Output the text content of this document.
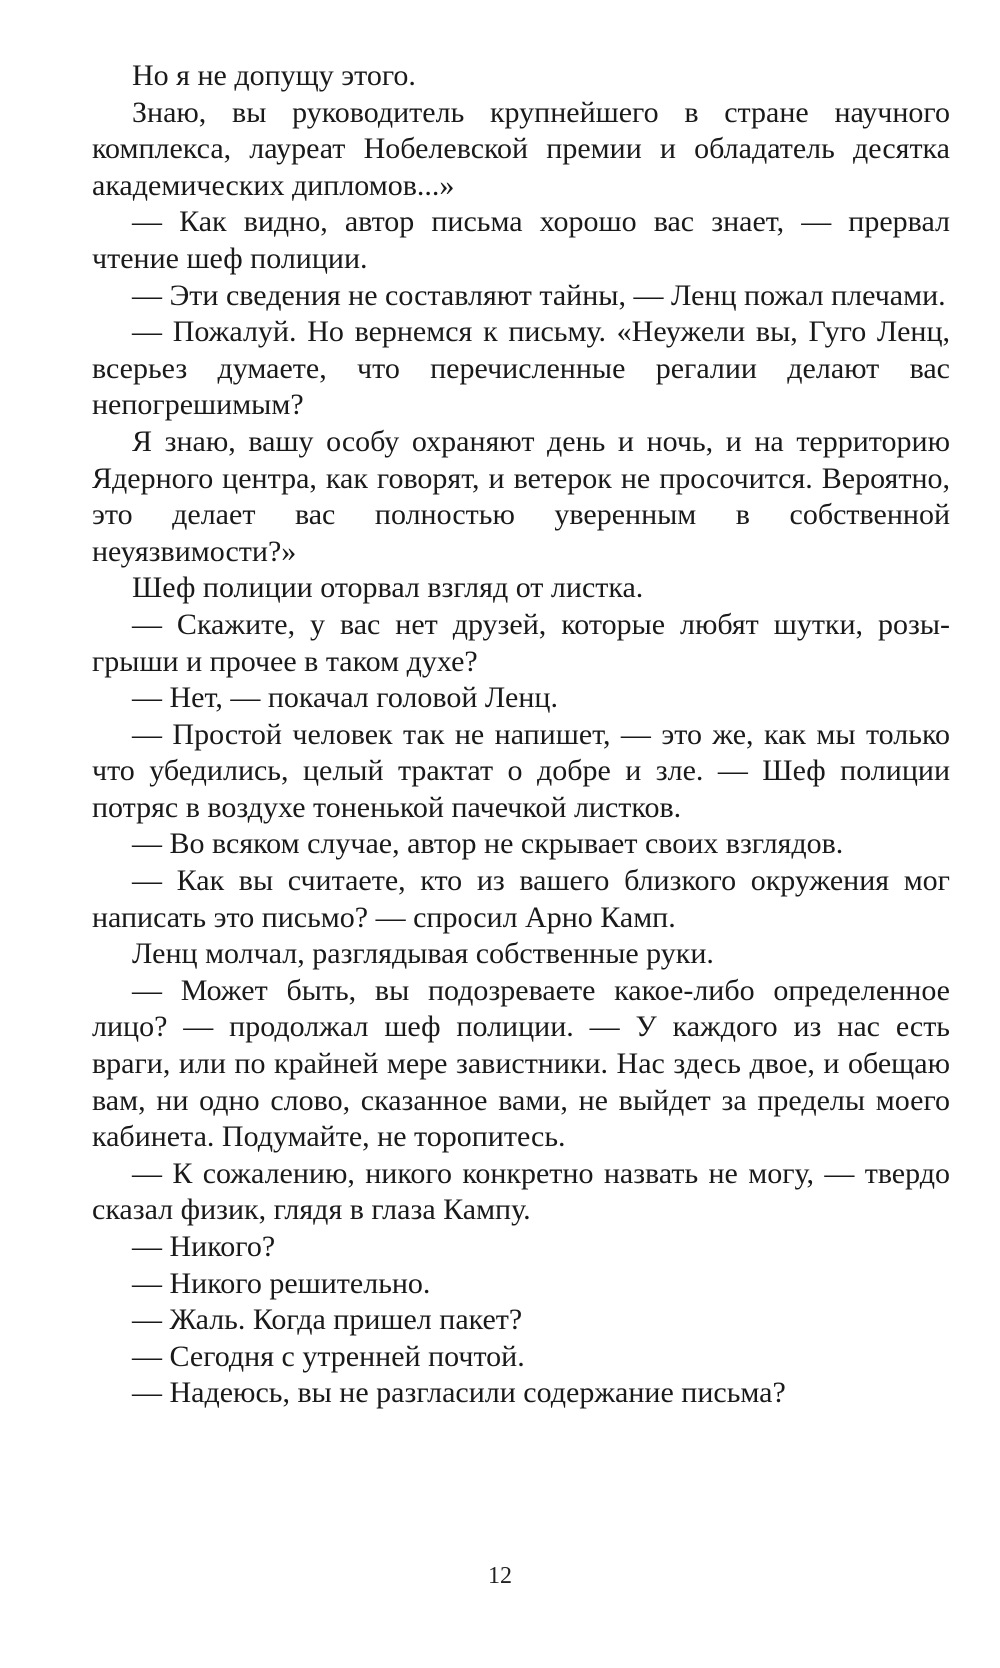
Но я не допущу этого.

Знаю, вы руководитель крупнейшего в стране научного комплекса, лауреат Нобелевской премии и обладатель десятка академических дипломов...»

— Как видно, автор письма хорошо вас знает, — прервал чтение шеф полиции.

— Эти сведения не составляют тайны, — Ленц пожал плечами.

— Пожалуй. Но вернемся к письму. «Неужели вы, Гуго Ленц, всерьез думаете, что перечисленные регалии делают вас непогрешимым?

Я знаю, вашу особу охраняют день и ночь, и на территорию Ядерного центра, как говорят, и ветерок не просочится. Вероятно, это делает вас полностью уверенным в собственной неуязвимости?»

Шеф полиции оторвал взгляд от листка.

— Скажите, у вас нет друзей, которые любят шутки, розыгрыши и прочее в таком духе?

— Нет, — покачал головой Ленц.

— Простой человек так не напишет, — это же, как мы только что убедились, целый трактат о добре и зле. — Шеф полиции потряс в воздухе тоненькой пачечкой листков.

— Во всяком случае, автор не скрывает своих взглядов.

— Как вы считаете, кто из вашего близкого окружения мог написать это письмо? — спросил Арно Камп.

Ленц молчал, разглядывая собственные руки.

— Может быть, вы подозреваете какое-либо определенное лицо? — продолжал шеф полиции. — У каждого из нас есть враги, или по крайней мере завистники. Нас здесь двое, и обещаю вам, ни одно слово, сказанное вами, не выйдет за пределы моего кабинета. Подумайте, не торопитесь.

— К сожалению, никого конкретно назвать не могу, — твердо сказал физик, глядя в глаза Кампу.

— Никого?

— Никого решительно.

— Жаль. Когда пришел пакет?

— Сегодня с утренней почтой.

— Надеюсь, вы не разгласили содержание письма?

12
